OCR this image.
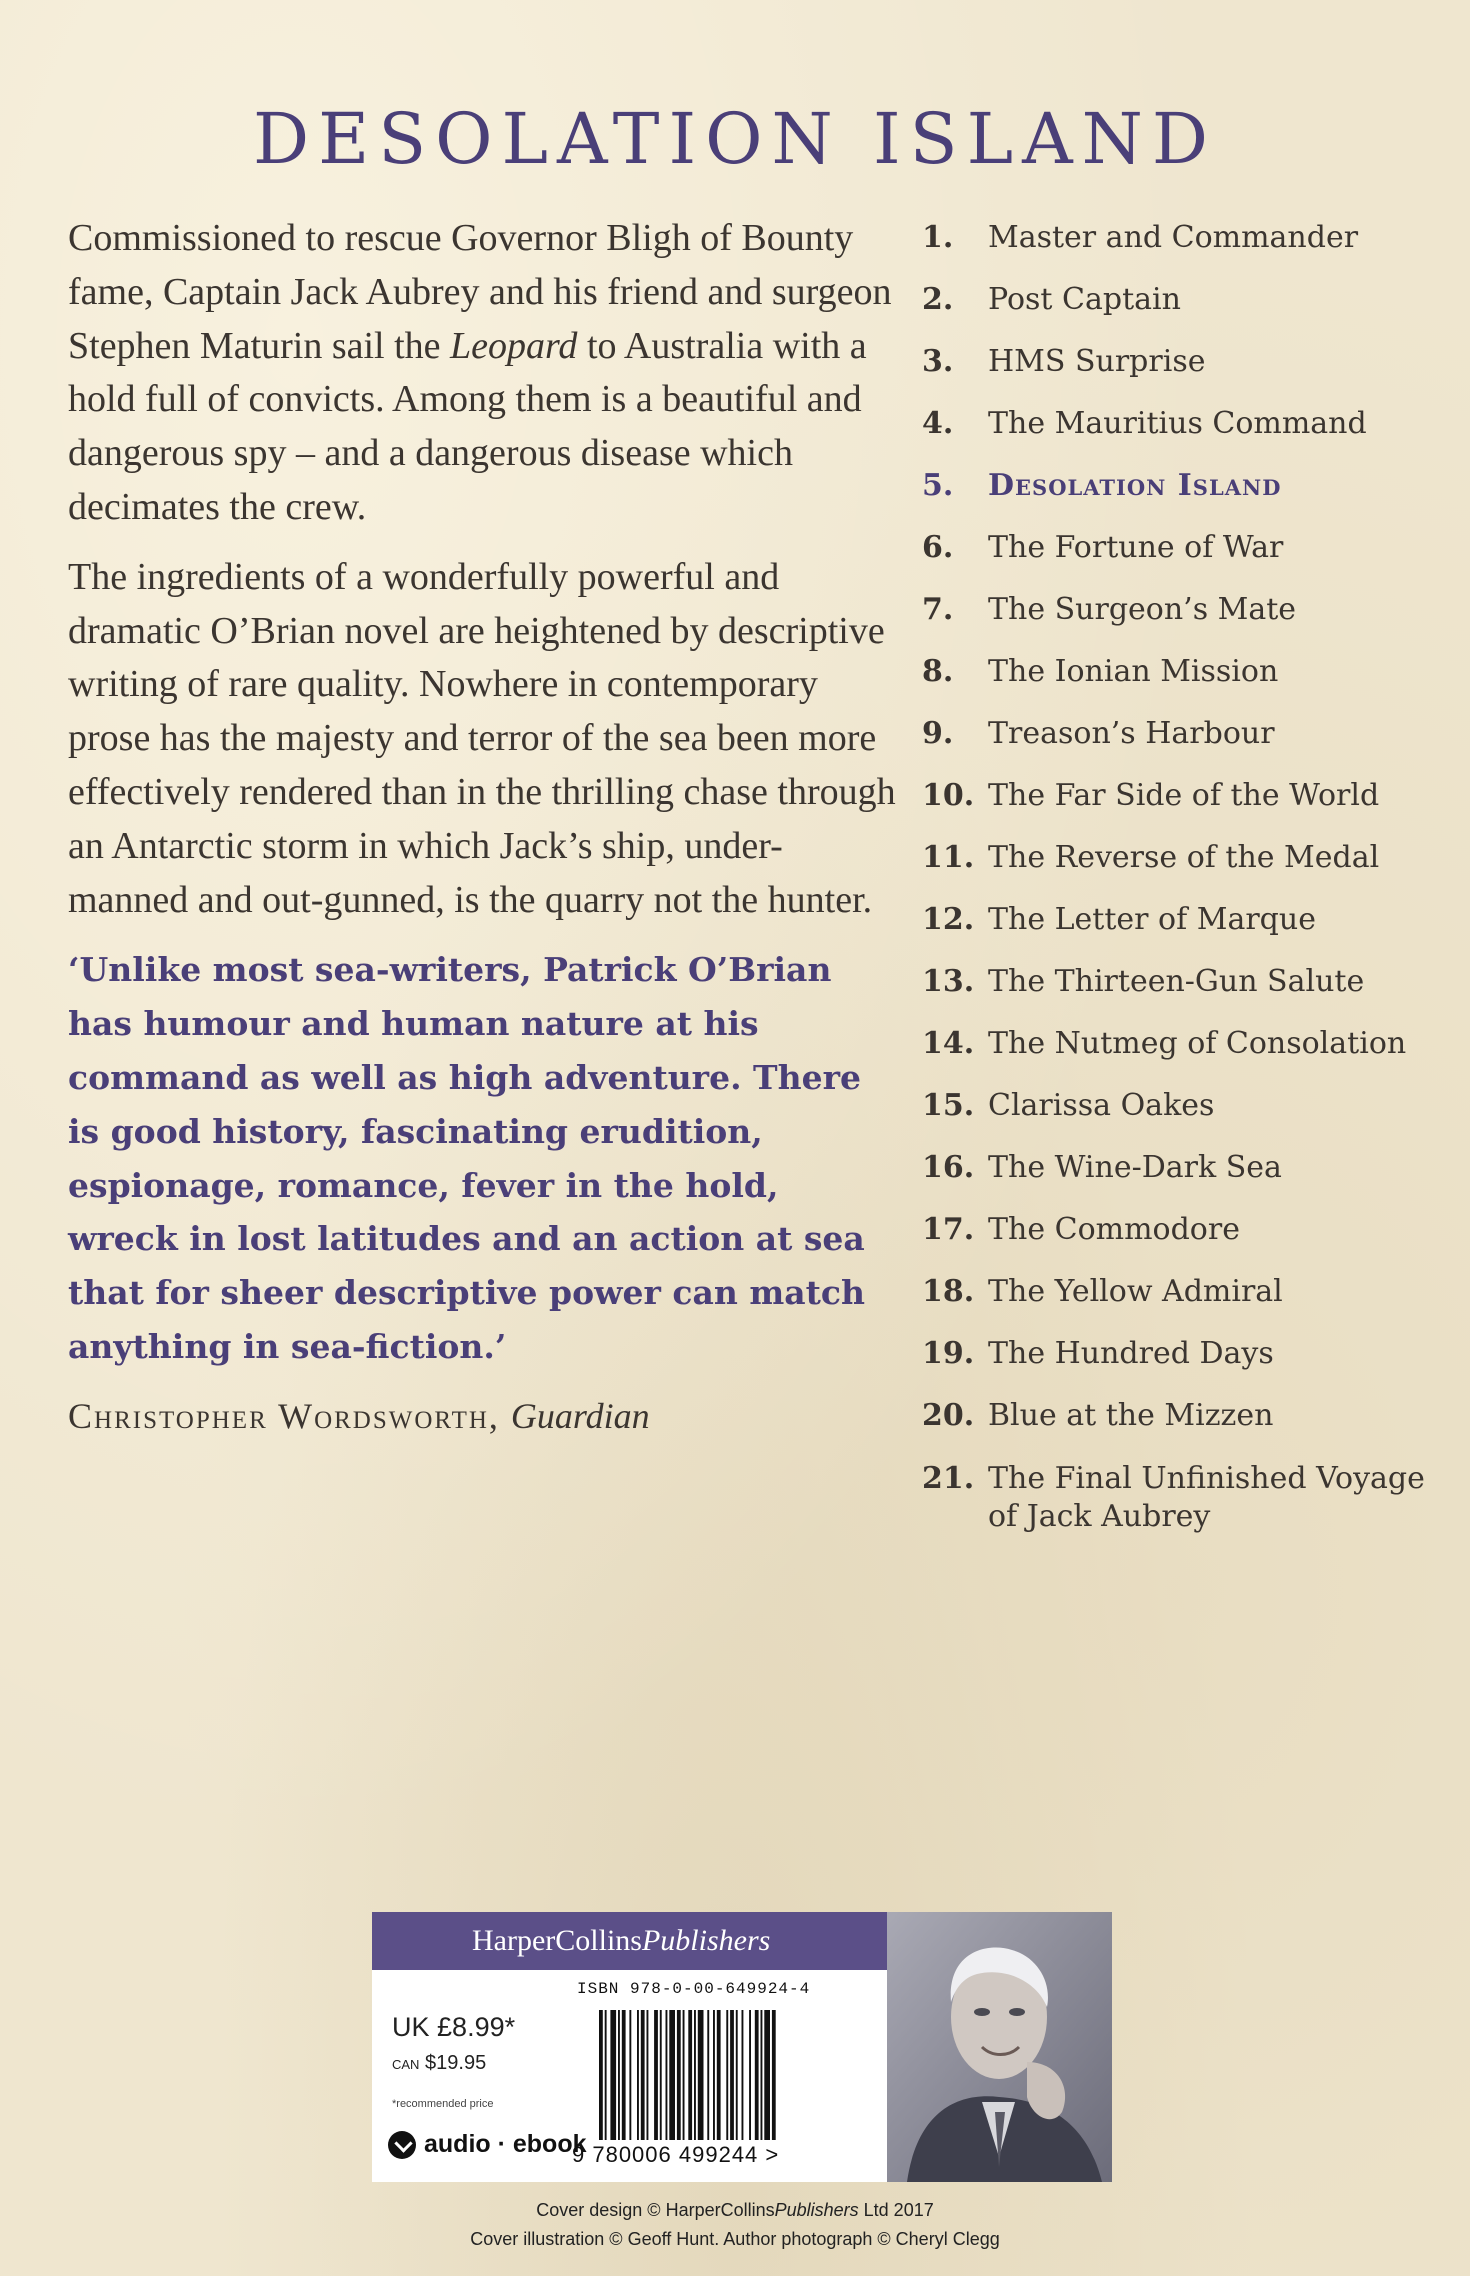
DESOLATION ISLAND

Commissioned to rescue Governor Bligh of Bounty fame, Captain Jack Aubrey and his friend and surgeon Stephen Maturin sail the Leopard to Australia with a hold full of convicts. Among them is a beautiful and dangerous spy – and a dangerous disease which decimates the crew.

The ingredients of a wonderfully powerful and dramatic O’Brian novel are heightened by descriptive writing of rare quality. Nowhere in contemporary prose has the majesty and terror of the sea been more effectively rendered than in the thrilling chase through an Antarctic storm in which Jack’s ship, under-manned and out-gunned, is the quarry not the hunter.

‘Unlike most sea-writers, Patrick O’Brian has humour and human nature at his command as well as high adventure. There is good history, fascinating erudition, espionage, romance, fever in the hold, wreck in lost latitudes and an action at sea that for sheer descriptive power can match anything in sea-fiction.’

Christopher Wordsworth, Guardian
1.	Master and Commander
2.	Post Captain
3.	HMS Surprise
4.	The Mauritius Command
5.	Desolation Island
6.	The Fortune of War
7.	The Surgeon’s Mate
8.	The Ionian Mission
9.	Treason’s Harbour
10. The Far Side of the World
11. The Reverse of the Medal
12. The Letter of Marque
13. The Thirteen-Gun Salute
14. The Nutmeg of Consolation
15. Clarissa Oakes
16. The Wine-Dark Sea
17. The Commodore
18. The Yellow Admiral
19. The Hundred Days
20. Blue at the Mizzen
21. The Final Unfinished Voyage of Jack Aubrey
HarperCollinsPublishers
UK £8.99*
CAN $19.95
*recommended price
audio · ebook
ISBN 978-0-00-649924-4
9 780006 499244 >
Cover design © HarperCollinsPublishers Ltd 2017
Cover illustration © Geoff Hunt. Author photograph © Cheryl Clegg
